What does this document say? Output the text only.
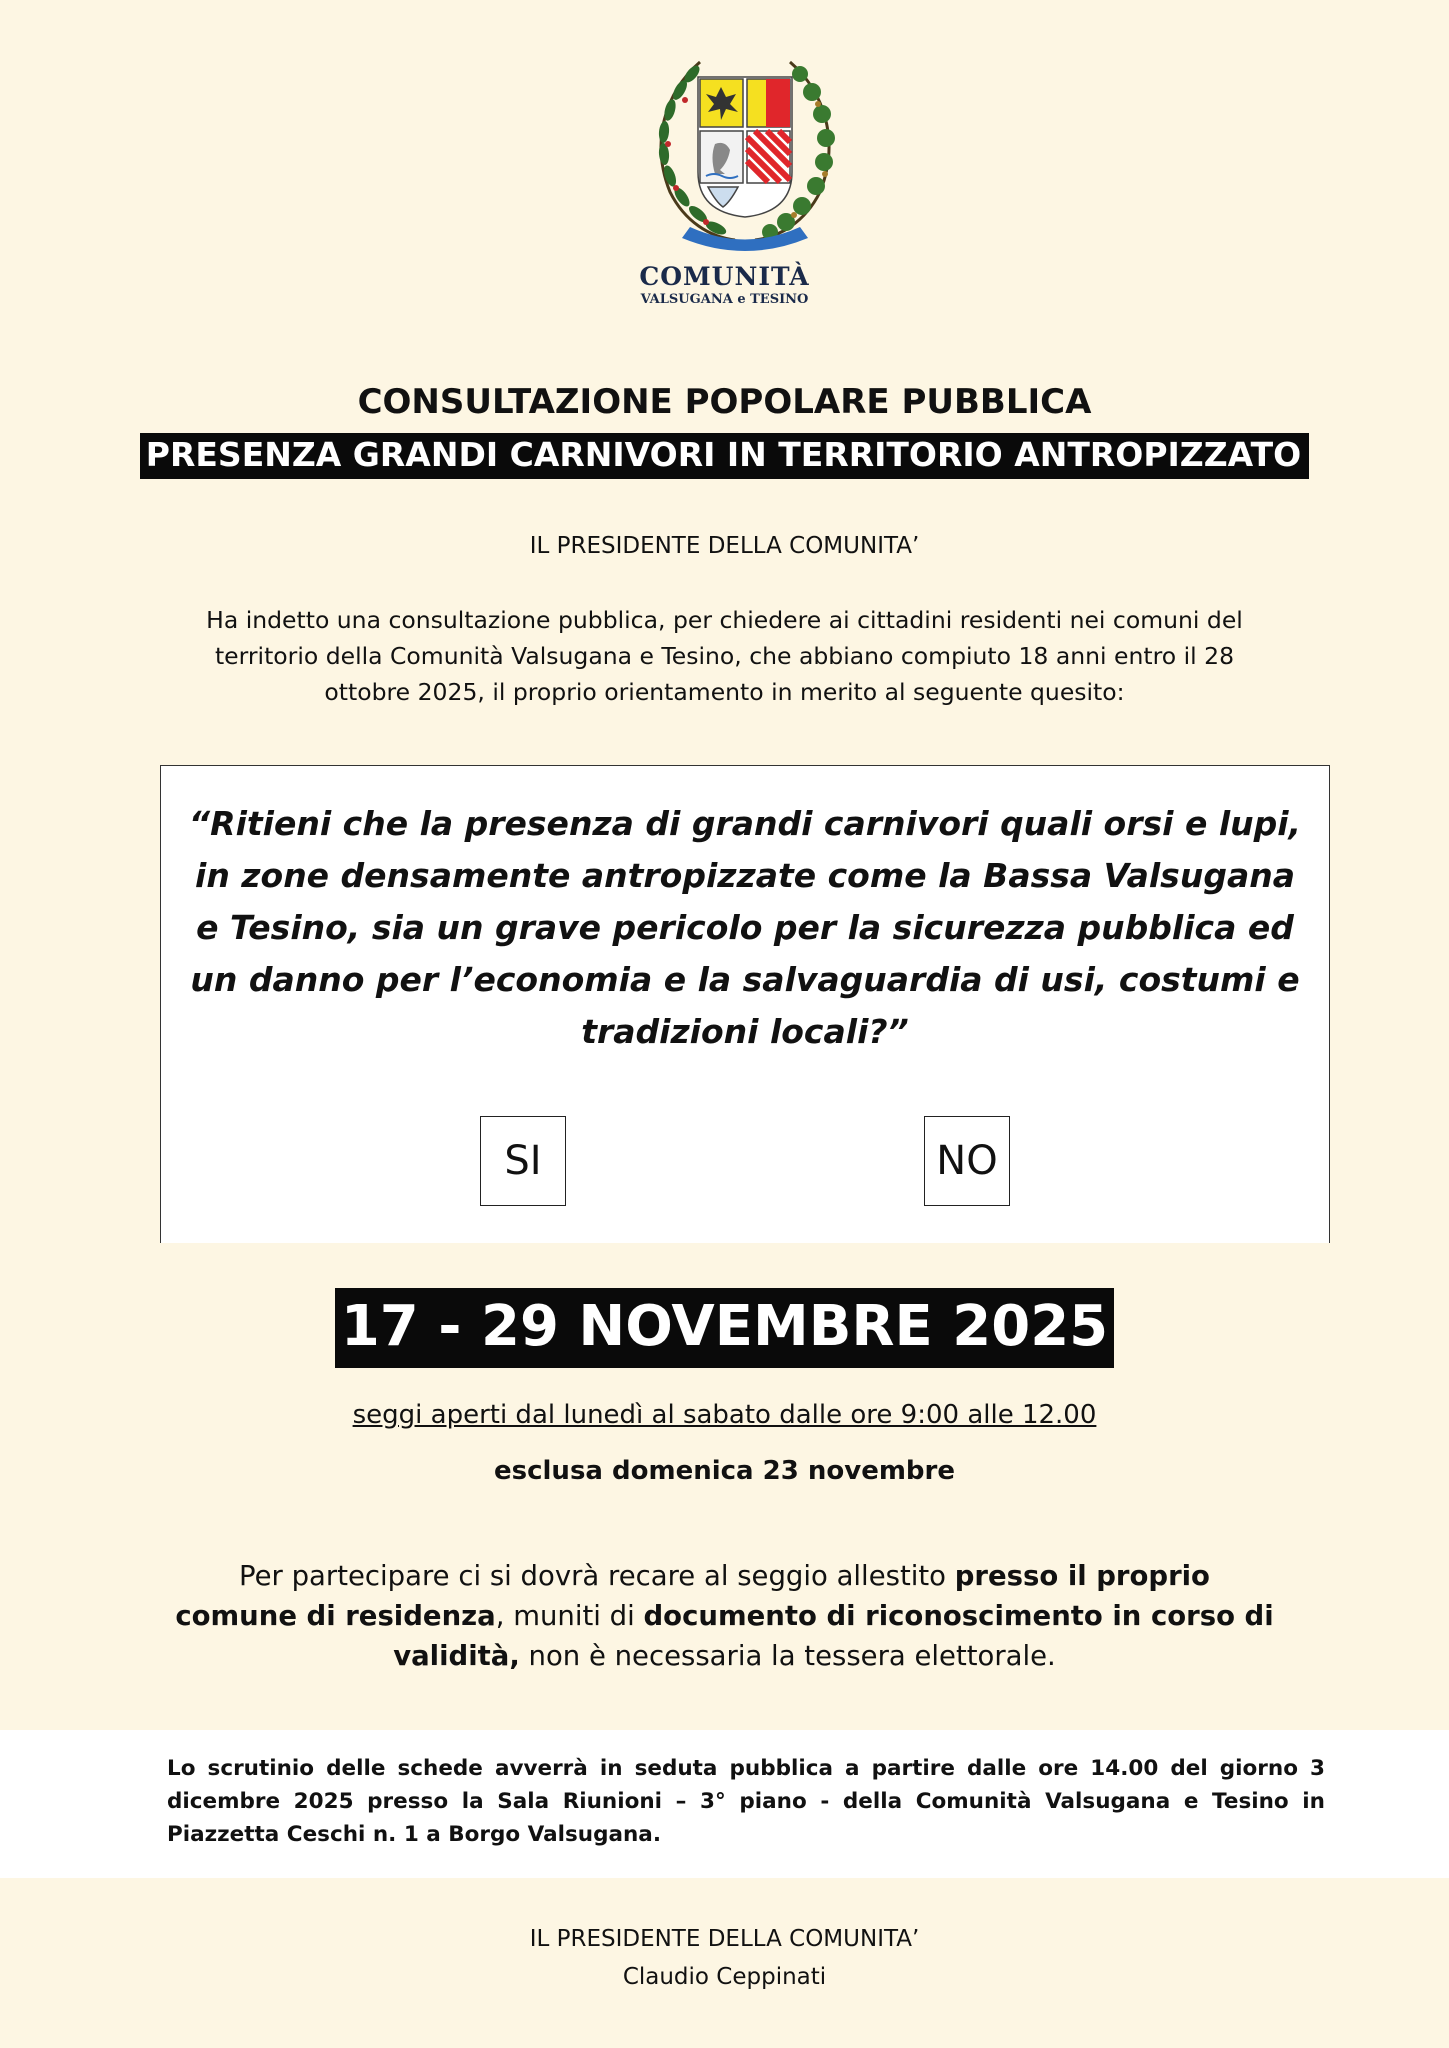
COMUNITÀ
VALSUGANA e TESINO
CONSULTAZIONE POPOLARE PUBBLICA
PRESENZA GRANDI CARNIVORI IN TERRITORIO ANTROPIZZATO
IL PRESIDENTE DELLA COMUNITA’
Ha indetto una consultazione pubblica, per chiedere ai cittadini residenti nei comuni del territorio della Comunità Valsugana e Tesino, che abbiano compiuto 18 anni entro il 28 ottobre 2025, il proprio orientamento in merito al seguente quesito:
“Ritieni che la presenza di grandi carnivori quali orsi e lupi, in zone densamente antropizzate come la Bassa Valsugana e Tesino, sia un grave pericolo per la sicurezza pubblica ed un danno per l’economia e la salvaguardia di usi, costumi e tradizioni locali?”
SI	NO
17 - 29 NOVEMBRE 2025
seggi aperti dal lunedì al sabato dalle ore 9:00 alle 12.00
esclusa domenica 23 novembre
Per partecipare ci si dovrà recare al seggio allestito presso il proprio comune di residenza, muniti di documento di riconoscimento in corso di validità, non è necessaria la tessera elettorale.
Lo scrutinio delle schede avverrà in seduta pubblica a partire dalle ore 14.00 del giorno 3 dicembre 2025 presso la Sala Riunioni – 3° piano - della Comunità Valsugana e Tesino in Piazzetta Ceschi n. 1 a Borgo Valsugana.
IL PRESIDENTE DELLA COMUNITA’
Claudio Ceppinati
